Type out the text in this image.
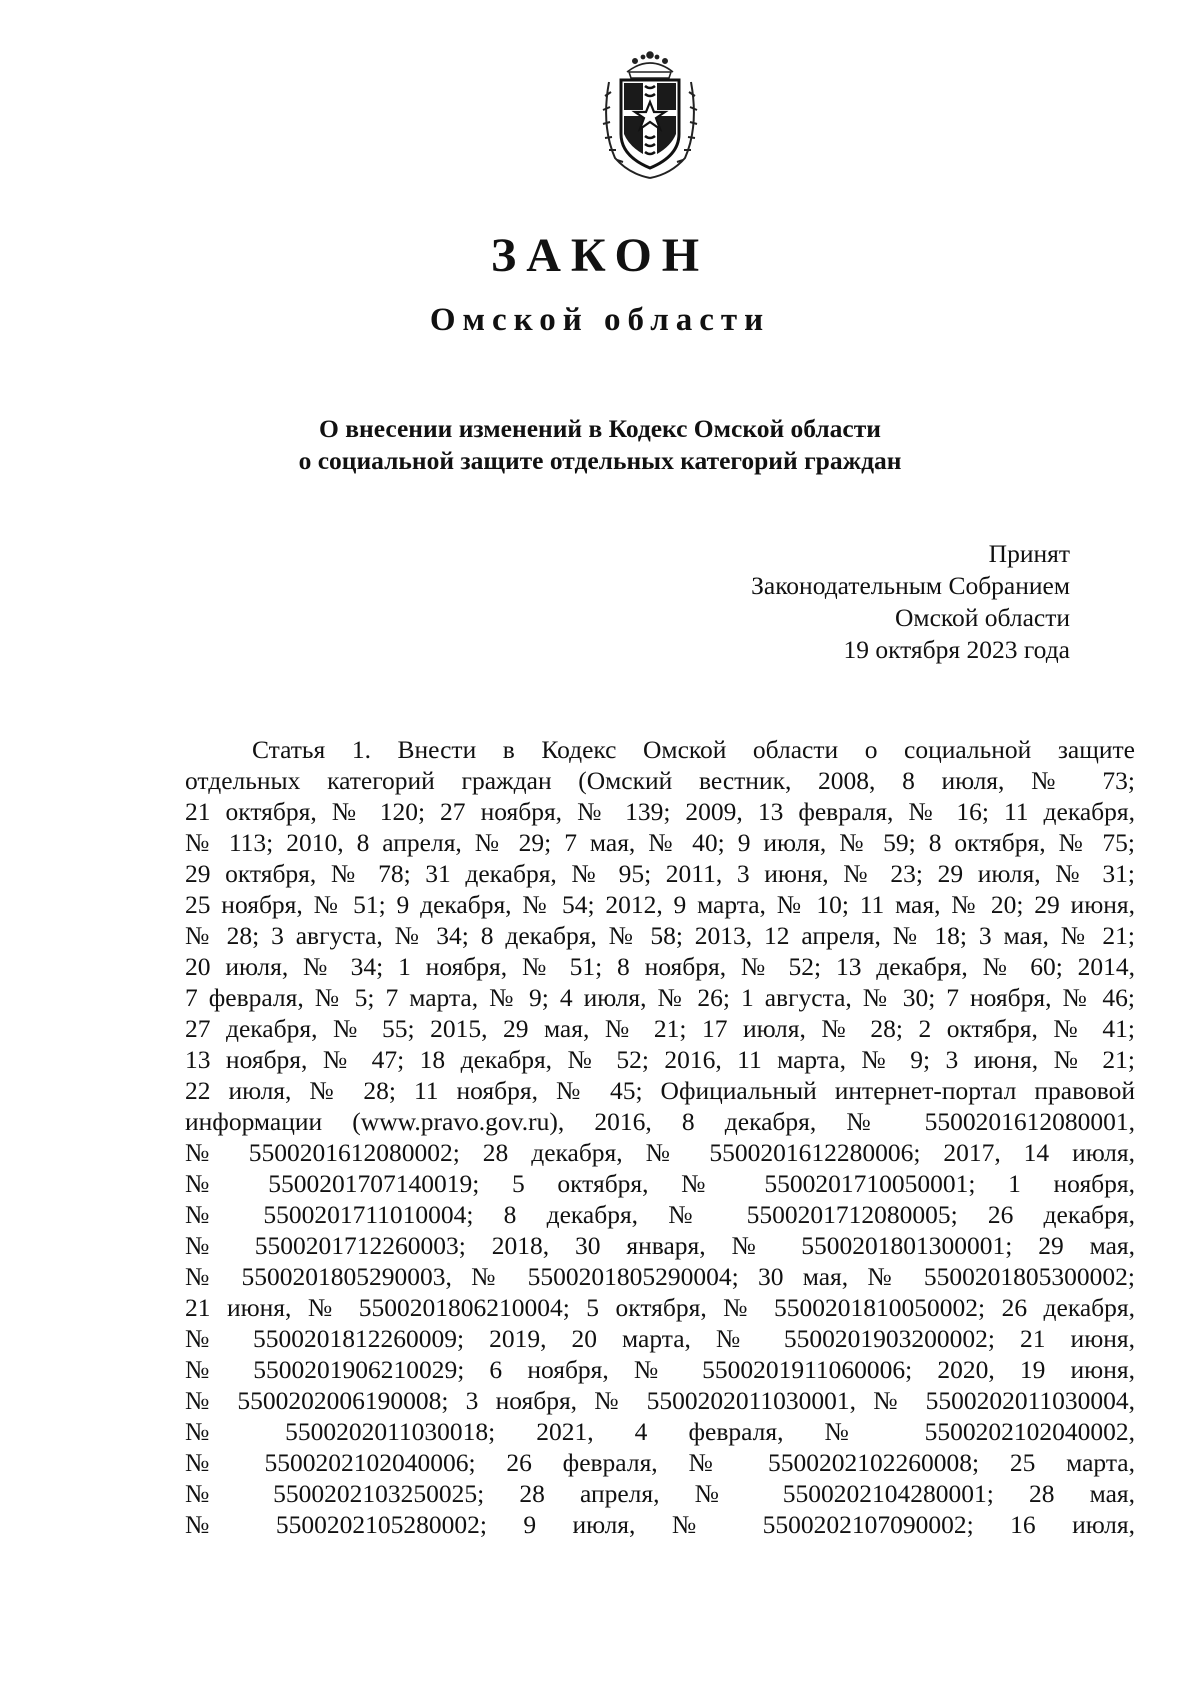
ЗАКОН
Омской области
О внесении изменений в Кодекс Омской области
о социальной защите отдельных категорий граждан
Принят
Законодательным Собранием
Омской области
19 октября 2023 года
Статья 1. Внести в Кодекс Омской области о социальной защите
отдельных категорий граждан (Омский вестник, 2008, 8 июля, № 73;
21 октября, № 120; 27 ноября, № 139; 2009, 13 февраля, № 16; 11 декабря,
№ 113; 2010, 8 апреля, № 29; 7 мая, № 40; 9 июля, № 59; 8 октября, № 75;
29 октября, № 78; 31 декабря, № 95; 2011, 3 июня, № 23; 29 июля, № 31;
25 ноября, № 51; 9 декабря, № 54; 2012, 9 марта, № 10; 11 мая, № 20; 29 июня,
№ 28; 3 августа, № 34; 8 декабря, № 58; 2013, 12 апреля, № 18; 3 мая, № 21;
20 июля, № 34; 1 ноября, № 51; 8 ноября, № 52; 13 декабря, № 60; 2014,
7 февраля, № 5; 7 марта, № 9; 4 июля, № 26; 1 августа, № 30; 7 ноября, № 46;
27 декабря, № 55; 2015, 29 мая, № 21; 17 июля, № 28; 2 октября, № 41;
13 ноября, № 47; 18 декабря, № 52; 2016, 11 марта, № 9; 3 июня, № 21;
22 июля, № 28; 11 ноября, № 45; Официальный интернет-портал правовой
информации (www.pravo.gov.ru), 2016, 8 декабря, № 5500201612080001,
№ 5500201612080002; 28 декабря, № 5500201612280006; 2017, 14 июля,
№ 5500201707140019; 5 октября, № 5500201710050001; 1 ноября,
№ 5500201711010004; 8 декабря, № 5500201712080005; 26 декабря,
№ 5500201712260003; 2018, 30 января, № 5500201801300001; 29 мая,
№ 5500201805290003, № 5500201805290004; 30 мая, № 5500201805300002;
21 июня, № 5500201806210004; 5 октября, № 5500201810050002; 26 декабря,
№ 5500201812260009; 2019, 20 марта, № 5500201903200002; 21 июня,
№ 5500201906210029; 6 ноября, № 5500201911060006; 2020, 19 июня,
№ 5500202006190008; 3 ноября, № 5500202011030001, № 5500202011030004,
№ 5500202011030018; 2021, 4 февраля, № 5500202102040002,
№ 5500202102040006; 26 февраля, № 5500202102260008; 25 марта,
№ 5500202103250025; 28 апреля, № 5500202104280001; 28 мая,
№ 5500202105280002; 9 июля, № 5500202107090002; 16 июля,
